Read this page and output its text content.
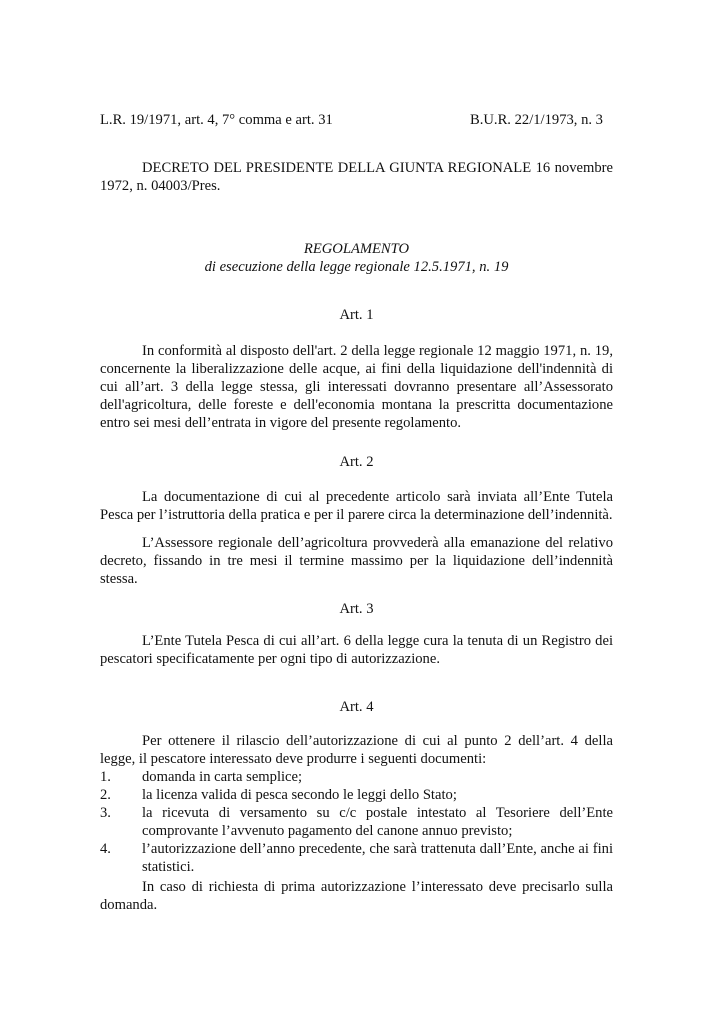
L.R. 19/1971, art. 4, 7° comma e art. 31	B.U.R. 22/1/1973, n. 3
DECRETO DEL PRESIDENTE DELLA GIUNTA REGIONALE 16 novembre 1972, n. 04003/Pres.
REGOLAMENTO
di esecuzione della legge regionale 12.5.1971, n. 19
Art. 1

In conformità al disposto dell'art. 2 della legge regionale 12 maggio 1971, n. 19, concernente la liberalizzazione delle acque, ai fini della liquidazione dell'indennità di cui all’art. 3 della legge stessa, gli interessati dovranno presentare all’Assessorato dell'agricoltura, delle foreste e dell'economia montana la prescritta documentazione entro sei mesi dell’entrata in vigore del presente regolamento.

Art. 2

La documentazione di cui al precedente articolo sarà inviata all’Ente Tutela Pesca per l’istruttoria della pratica e per il parere circa la determinazione dell’indennità.

L’Assessore regionale dell’agricoltura provvederà alla emanazione del relativo decreto, fissando in tre mesi il termine massimo per la liquidazione dell’indennità stessa.

Art. 3

L’Ente Tutela Pesca di cui all’art. 6 della legge cura la tenuta di un Registro dei pescatori specificatamente per ogni tipo di autorizzazione.

Art. 4

Per ottenere il rilascio dell’autorizzazione di cui al punto 2 dell’art. 4 della legge, il pescatore interessato deve produrre i seguenti documenti:

1. domanda in carta semplice;
2. la licenza valida di pesca secondo le leggi dello Stato;
3. la ricevuta di versamento su c/c postale intestato al Tesoriere dell’Ente comprovante l’avvenuto pagamento del canone annuo previsto;
4. l’autorizzazione dell’anno precedente, che sarà trattenuta dall’Ente, anche ai fini statistici.

In caso di richiesta di prima autorizzazione l’interessato deve precisarlo sulla domanda.
